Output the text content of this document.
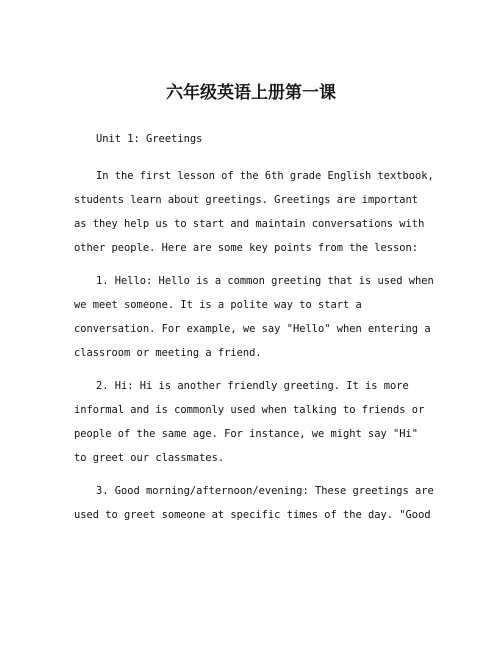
六年级英语上册第一课

Unit 1: Greetings

In the first lesson of the 6th grade English textbook, students learn about greetings. Greetings are important as they help us to start and maintain conversations with other people. Here are some key points from the lesson:

1. Hello: Hello is a common greeting that is used when we meet someone. It is a polite way to start a conversation. For example, we say "Hello" when entering a classroom or meeting a friend.

2. Hi: Hi is another friendly greeting. It is more informal and is commonly used when talking to friends or people of the same age. For instance, we might say "Hi" to greet our classmates.

3. Good morning/afternoon/evening: These greetings are used to greet someone at specific times of the day. "Good
